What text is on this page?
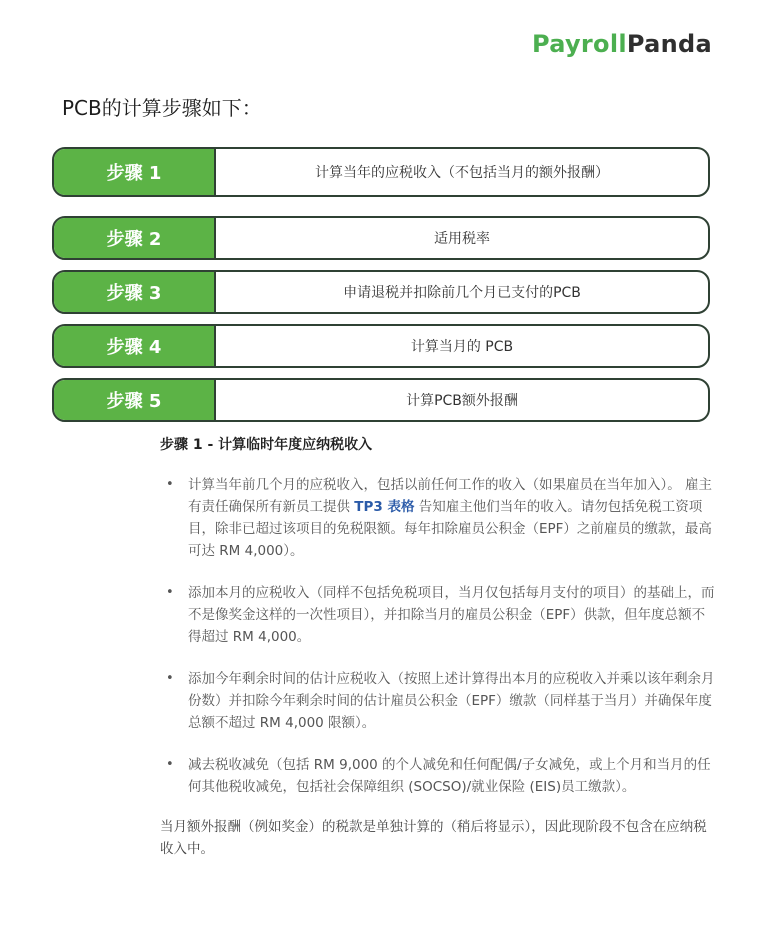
PayrollPanda
PCB的计算步骤如下：
步骤 1	计算当年的应税收入（不包括当月的额外报酬）
步骤 2	适用税率
步骤 3	申请退税并扣除前几个月已支付的PCB
步骤 4	计算当月的 PCB
步骤 5	计算PCB额外报酬
步骤 1 - 计算临时年度应纳税收入
• 计算当年前几个月的应税收入，包括以前任何工作的收入（如果雇员在当年加入）。 雇主有责任确保所有新员工提供 TP3 表格 告知雇主他们当年的收入。请勿包括免税工资项目，除非已超过该项目的免税限额。每年扣除雇员公积金（EPF）之前雇员的缴款，最高可达 RM 4,000）。
• 添加本月的应税收入（同样不包括免税项目，当月仅包括每月支付的项目）的基础上，而不是像奖金这样的一次性项目），并扣除当月的雇员公积金（EPF）供款，但年度总额不得超过 RM 4,000。
• 添加今年剩余时间的估计应税收入（按照上述计算得出本月的应税收入并乘以该年剩余月份数）并扣除今年剩余时间的估计雇员公积金（EPF）缴款（同样基于当月）并确保年度总额不超过 RM 4,000 限额）。
• 减去税收减免（包括 RM 9,000 的个人减免和任何配偶/子女减免，或上个月和当月的任何其他税收减免，包括社会保障组织 (SOCSO)/就业保险 (EIS)员工缴款）。
当月额外报酬（例如奖金）的税款是单独计算的（稍后将显示），因此现阶段不包含在应纳税收入中。
